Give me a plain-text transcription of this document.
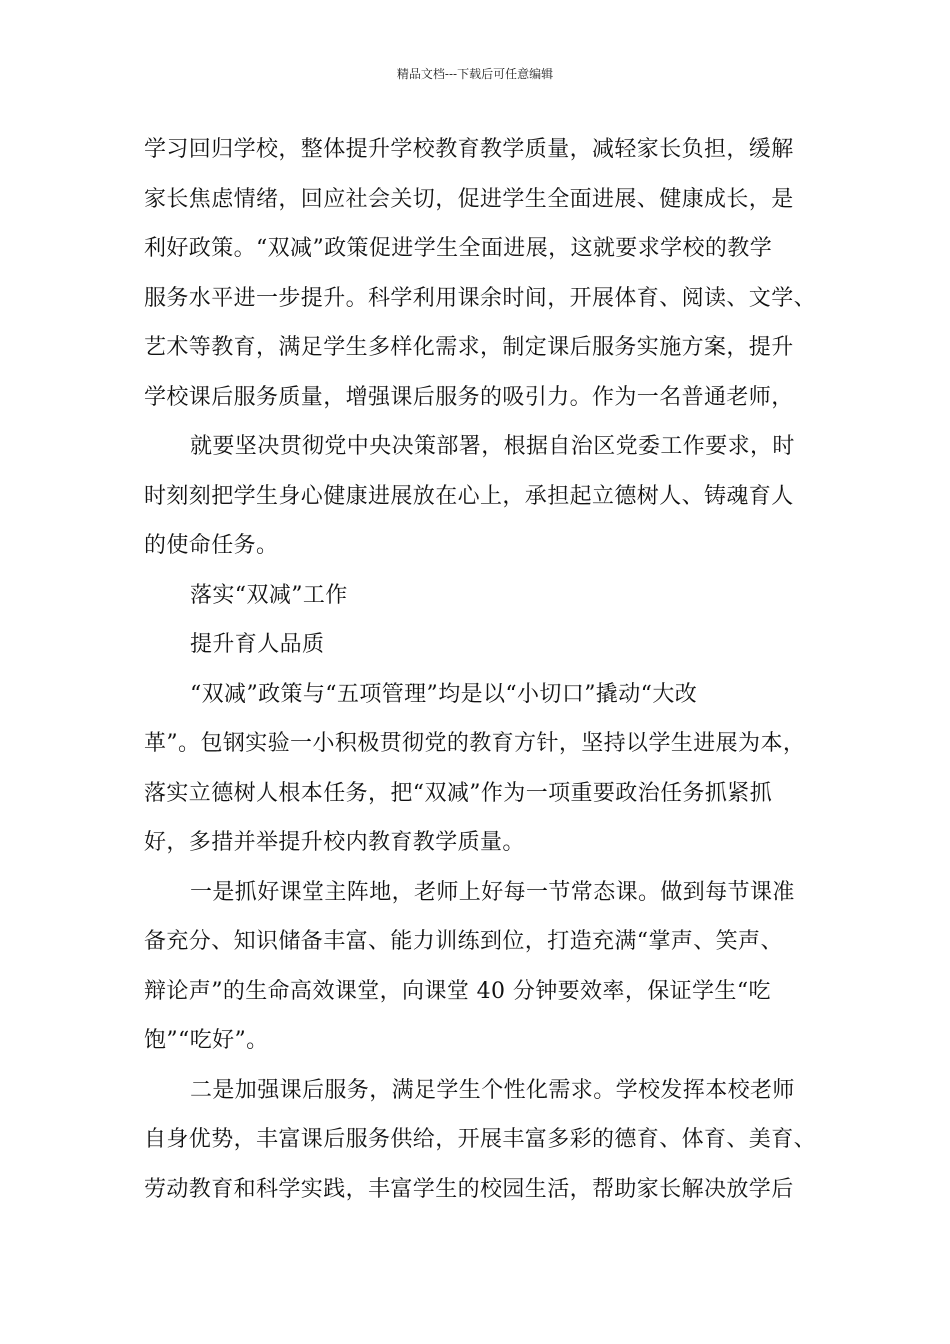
精品文档---下载后可任意编辑
学习回归学校，整体提升学校教育教学质量，减轻家长负担，缓解
家长焦虑情绪，回应社会关切，促进学生全面进展、健康成长，是
利好政策。“双减”政策促进学生全面进展，这就要求学校的教学
服务水平进一步提升。科学利用课余时间，开展体育、阅读、文学、
艺术等教育，满足学生多样化需求，制定课后服务实施方案，提升
学校课后服务质量，增强课后服务的吸引力。作为一名普通老师，
就要坚决贯彻党中央决策部署，根据自治区党委工作要求，时
时刻刻把学生身心健康进展放在心上，承担起立德树人、铸魂育人
的使命任务。
落实“双减”工作
提升育人品质
“双减”政策与“五项管理”均是以“小切口”撬动“大改
革”。包钢实验一小积极贯彻党的教育方针，坚持以学生进展为本，
落实立德树人根本任务，把“双减”作为一项重要政治任务抓紧抓
好，多措并举提升校内教育教学质量。
一是抓好课堂主阵地，老师上好每一节常态课。做到每节课准
备充分、知识储备丰富、能力训练到位，打造充满“掌声、笑声、
辩论声”的生命高效课堂，向课堂 40 分钟要效率，保证学生“吃
饱”“吃好”。
二是加强课后服务，满足学生个性化需求。学校发挥本校老师
自身优势，丰富课后服务供给，开展丰富多彩的德育、体育、美育、
劳动教育和科学实践，丰富学生的校园生活，帮助家长解决放学后
